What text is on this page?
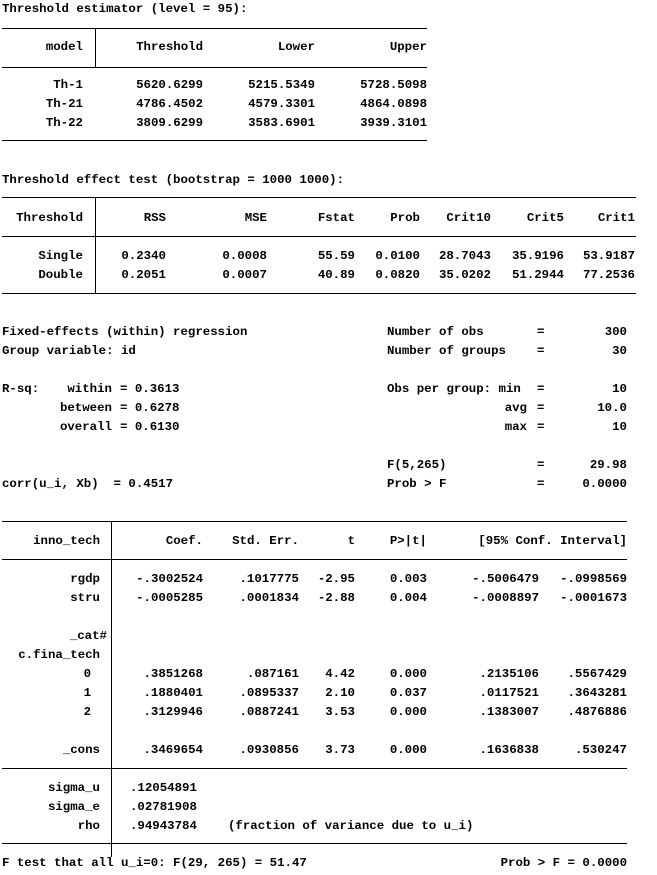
Threshold estimator (level = 95):
model	Threshold	Lower	Upper
Th-1	5620.6299	5215.5349	5728.5098
Th-21	4786.4502	4579.3301	4864.0898
Th-22	3809.6299	3583.6901	3939.3101
Threshold effect test (bootstrap = 1000 1000):
Threshold	RSS	MSE	Fstat	Prob Crit10	Crit5	Crit1
Single	0.2340	0.0008	55.59 0.0100 28.7043 35.9196 53.9187
Double	0.2051	0.0007	40.89 0.0820 35.0202 51.2944 77.2536
Fixed-effects (within) regression
Group variable: id
R-sq: within = 0.3613
between = 0.6278
overall = 0.6130
corr(u_i, Xb)  = 0.4517
Number of obs	=	300
Number of groups	=	30
Obs per group: min =	10
avg =	10.0
max =	10
F(5,265)	=	29.98
Prob > F	=	0.0000
inno_tech	Coef. Std. Err.	t	P>|t|	[95% Conf. Interval]
rgdp	-.3002524	.1017775 -2.95	0.003	-.5006479 -.0998569
stru	-.0005285	.0001834 -2.88	0.004	-.0008897 -.0001673
_cat#
c.fina_tech
0	.3851268	.087161 4.42	0.000	.2135106 .5567429
1	.1880401	.0895337 2.10	0.037	.0117521 .3643281
2	.3129946	.0887241 3.53	0.000	.1383007 .4876886
_cons	.3469654	.0930856 3.73	0.000	.1636838	.530247
sigma_u .12054891
sigma_e .02781908
rho .94943784	(fraction of variance due to u_i)
F test that all u_i=0: F(29, 265) = 51.47	Prob > F = 0.0000
